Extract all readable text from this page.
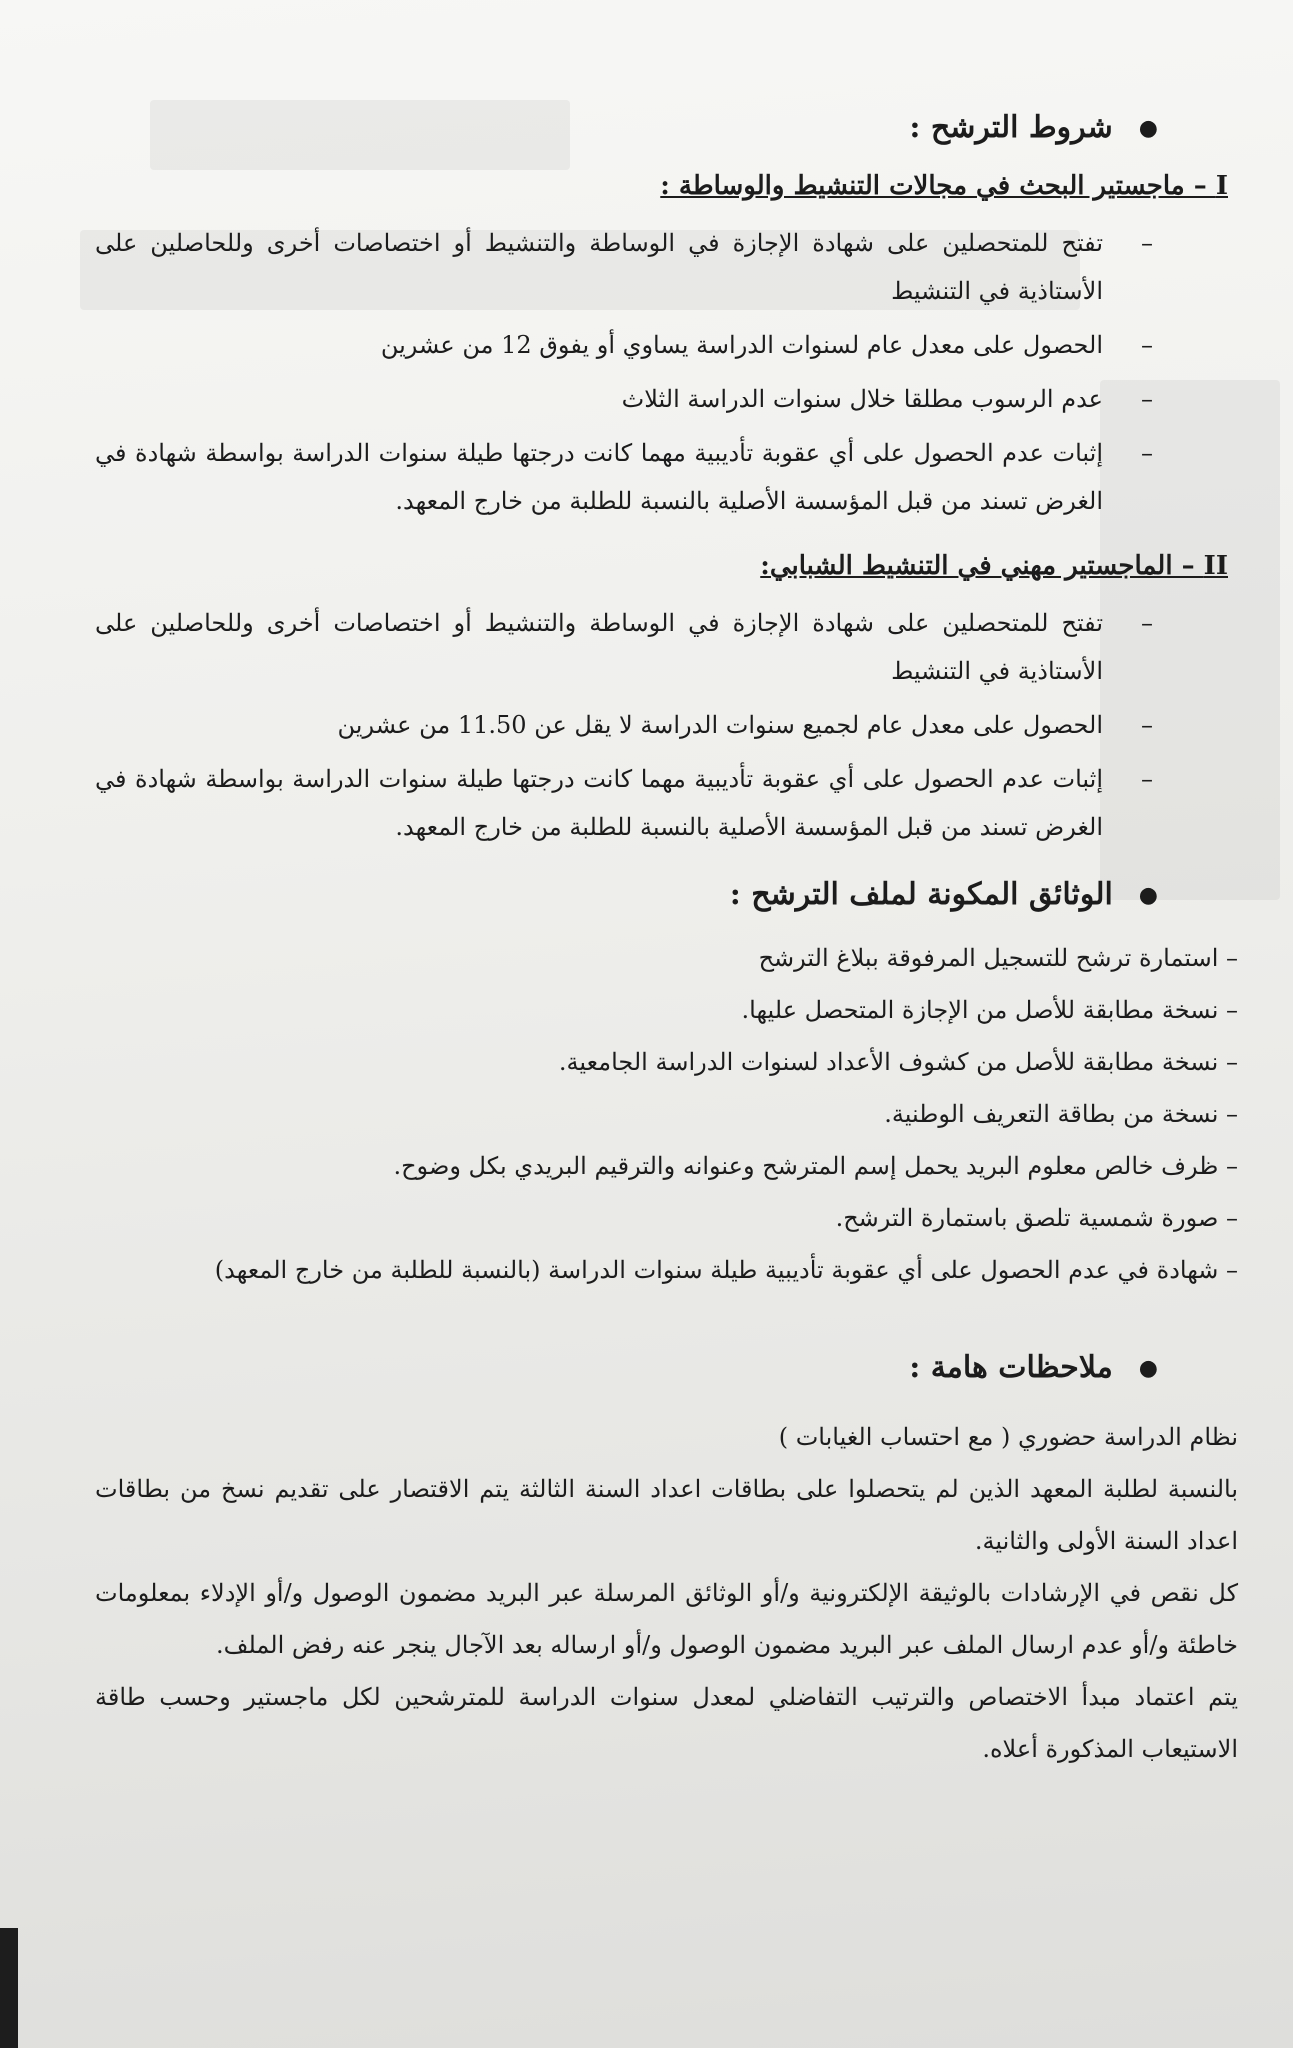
●
شروط الترشح :
I – ماجستير البحث في مجالات التنشيط والوساطة :
– تفتح للمتحصلين على شهادة الإجازة في الوساطة والتنشيط أو اختصاصات أخرى وللحاصلين على الأستاذية في التنشيط
– الحصول على معدل عام لسنوات الدراسة يساوي أو يفوق 12 من عشرين
– عدم الرسوب مطلقا خلال سنوات الدراسة الثلاث
– إثبات عدم الحصول على أي عقوبة تأديبية مهما كانت درجتها طيلة سنوات الدراسة بواسطة شهادة في الغرض تسند من قبل المؤسسة الأصلية بالنسبة للطلبة من خارج المعهد.
II – الماجستير مهني في التنشيط الشبابي:
– تفتح للمتحصلين على شهادة الإجازة في الوساطة والتنشيط أو اختصاصات أخرى وللحاصلين على الأستاذية في التنشيط
– الحصول على معدل عام لجميع سنوات الدراسة لا يقل عن 11.50 من عشرين
– إثبات عدم الحصول على أي عقوبة تأديبية مهما كانت درجتها طيلة سنوات الدراسة بواسطة شهادة في الغرض تسند من قبل المؤسسة الأصلية بالنسبة للطلبة من خارج المعهد.
●
الوثائق المكونة لملف الترشح :
– استمارة ترشح للتسجيل المرفوقة ببلاغ الترشح
– نسخة مطابقة للأصل من الإجازة المتحصل عليها.
– نسخة مطابقة للأصل من كشوف الأعداد لسنوات الدراسة الجامعية.
– نسخة من بطاقة التعريف الوطنية.
– ظرف خالص معلوم البريد يحمل إسم المترشح وعنوانه والترقيم البريدي بكل وضوح.
– صورة شمسية تلصق باستمارة الترشح.
– شهادة في عدم الحصول على أي عقوبة تأديبية طيلة سنوات الدراسة (بالنسبة للطلبة من خارج المعهد)
●
ملاحظات هامة :

نظام الدراسة حضوري ( مع احتساب الغيابات )

بالنسبة لطلبة المعهد الذين لم يتحصلوا على بطاقات اعداد السنة الثالثة يتم الاقتصار على تقديم نسخ من بطاقات اعداد السنة الأولى والثانية.

كل نقص في الإرشادات بالوثيقة الإلكترونية و/أو الوثائق المرسلة عبر البريد مضمون الوصول و/أو الإدلاء بمعلومات خاطئة و/أو عدم ارسال الملف عبر البريد مضمون الوصول و/أو ارساله بعد الآجال ينجر عنه رفض الملف.

يتم اعتماد مبدأ الاختصاص والترتيب التفاضلي لمعدل سنوات الدراسة للمترشحين لكل ماجستير وحسب طاقة الاستيعاب المذكورة أعلاه.
